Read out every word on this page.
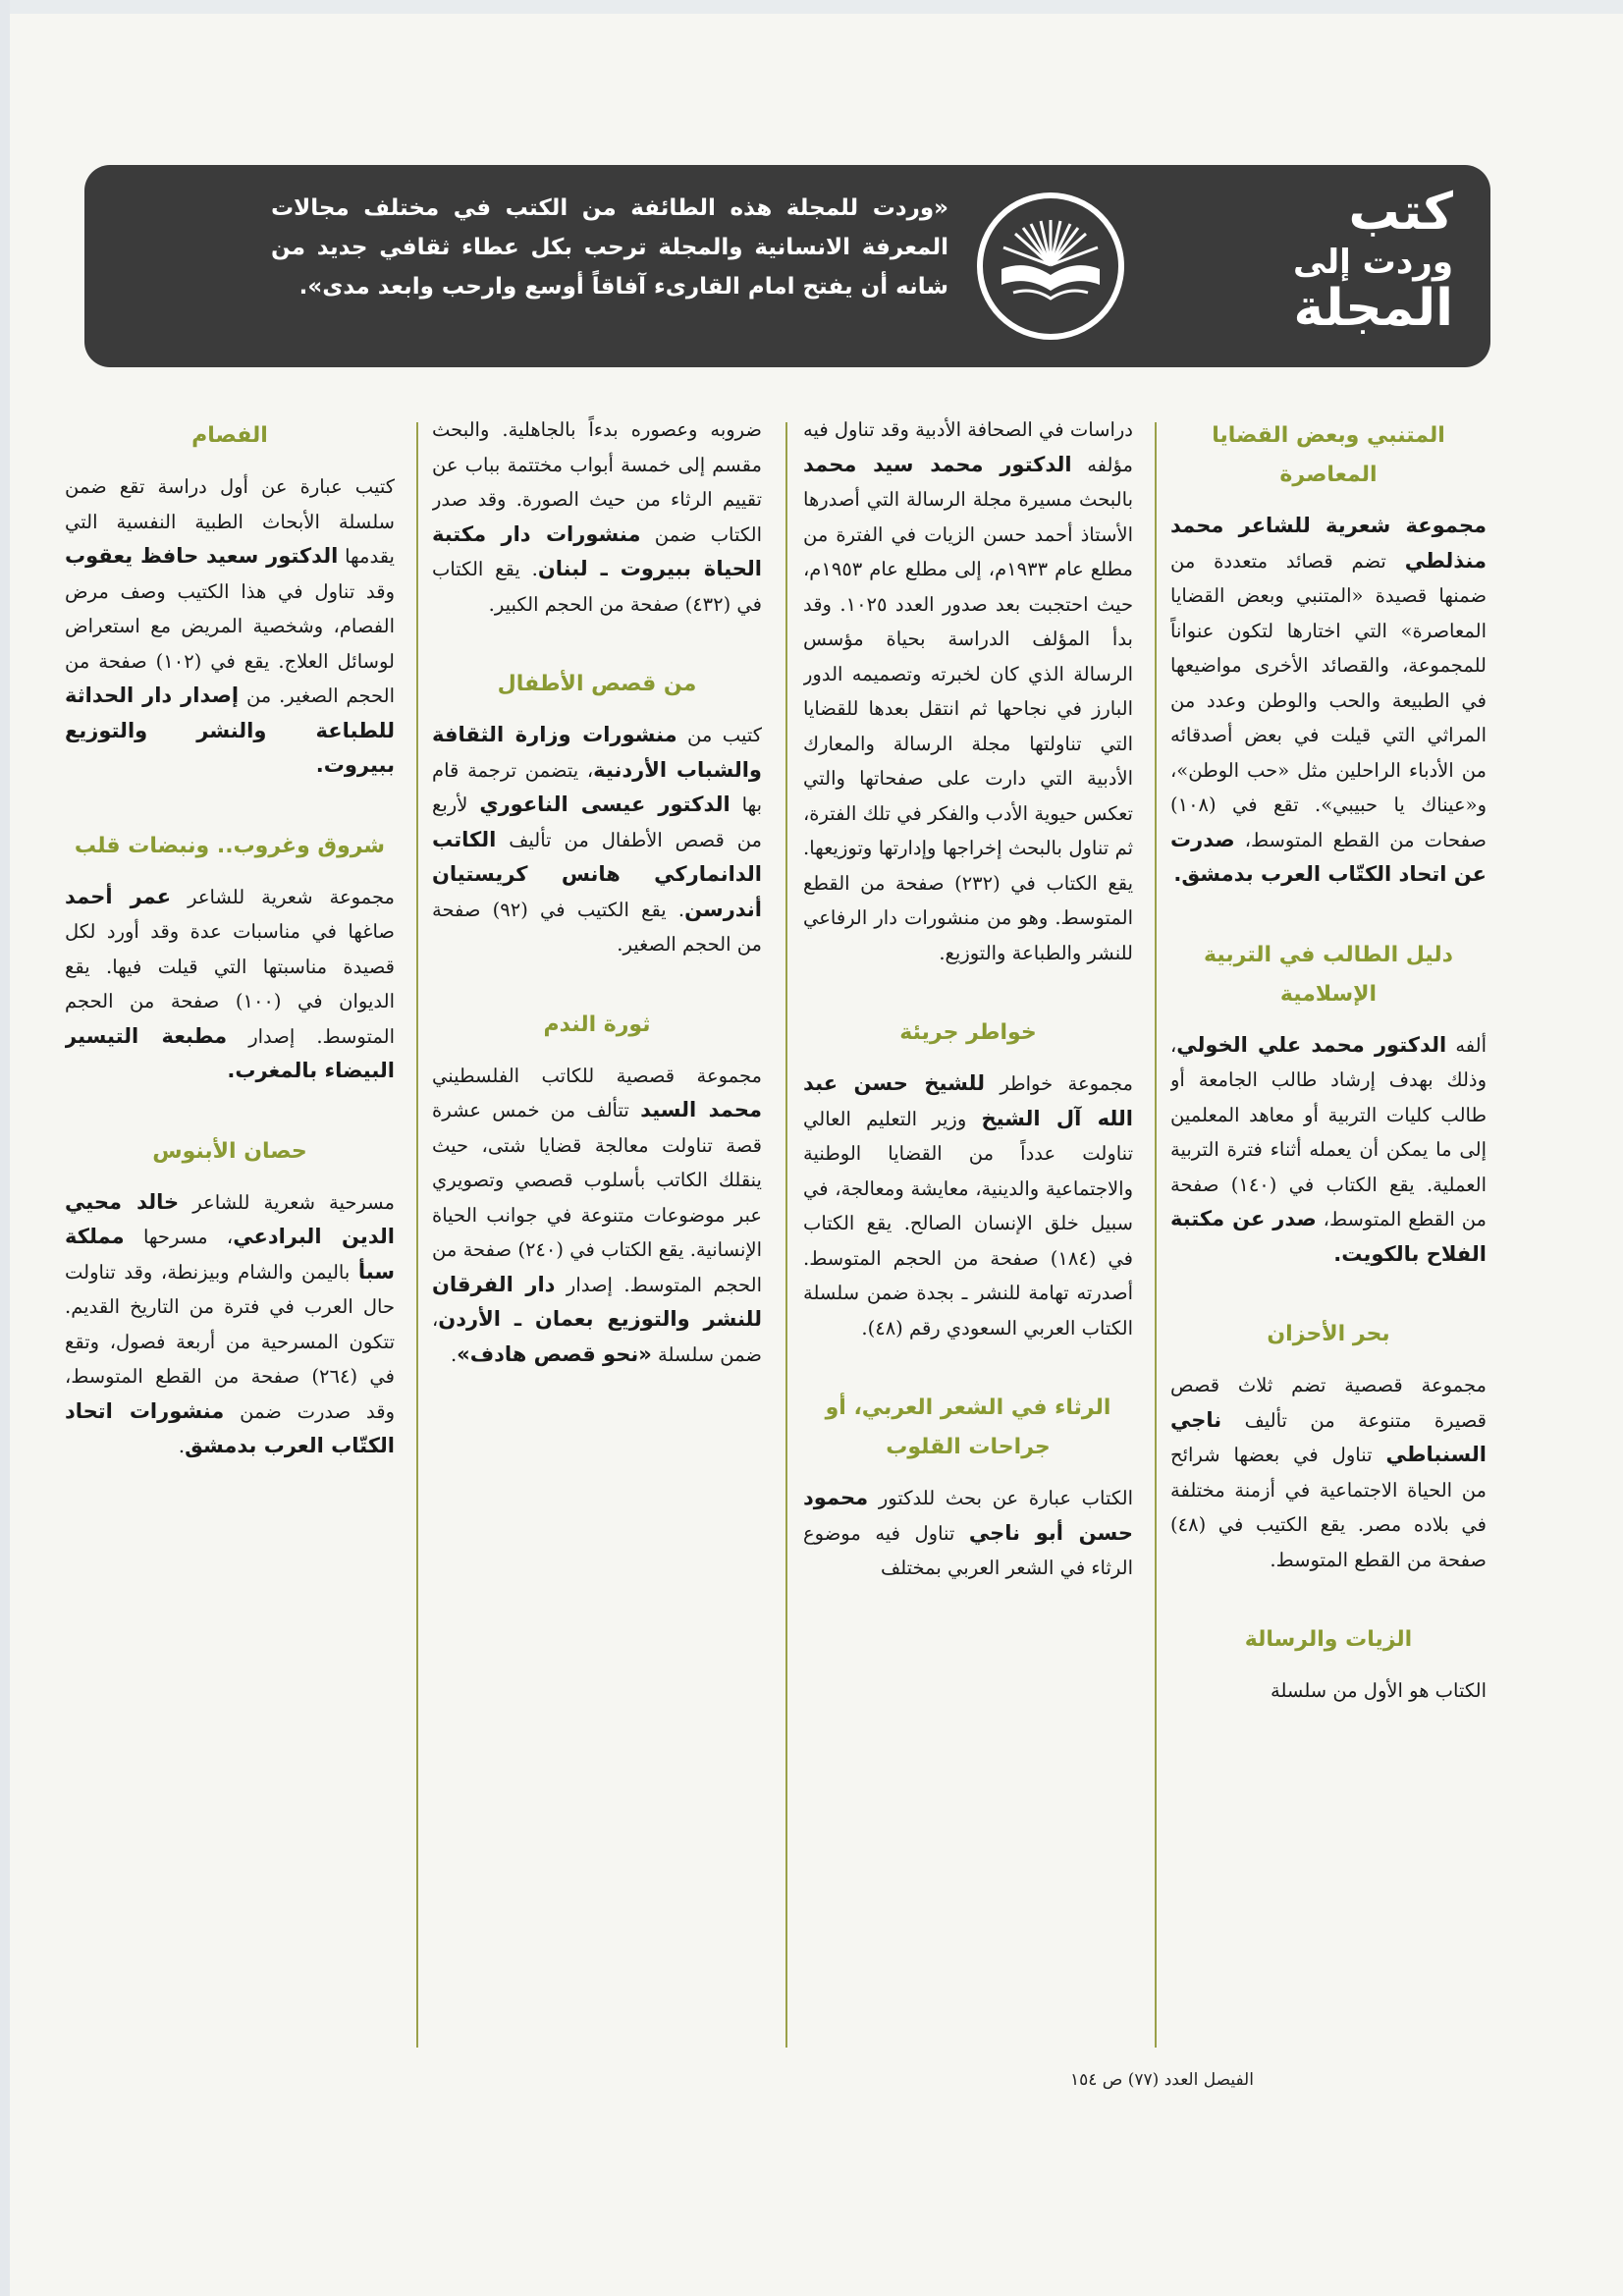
كتب
وردت إلى
المجلة
«وردت للمجلة هذه الطائفة من الكتب في مختلف مجالات المعرفة الانسانية والمجلة ترحب بكل عطاء ثقافي جديد من شانه أن يفتح امام القارىء آفاقاً أوسع وارحب وابعد مدى».
المتنبي وبعض القضايا المعاصرة

مجموعة شعرية للشاعر محمد منذلطي تضم قصائد متعددة من ضمنها قصيدة «المتنبي وبعض القضايا المعاصرة» التي اختارها لتكون عنواناً للمجموعة، والقصائد الأخرى مواضيعها في الطبيعة والحب والوطن وعدد من المراثي التي قيلت في بعض أصدقائه من الأدباء الراحلين مثل «حب الوطن»، و«عيناك يا حبيبي». تقع في (١٠٨) صفحات من القطع المتوسط، صدرت عن اتحاد الكتّاب العرب بدمشق.

دليل الطالب في التربية الإسلامية

ألفه الدكتور محمد علي الخولي، وذلك بهدف إرشاد طالب الجامعة أو طالب كليات التربية أو معاهد المعلمين إلى ما يمكن أن يعمله أثناء فترة التربية العملية. يقع الكتاب في (١٤٠) صفحة من القطع المتوسط، صدر عن مكتبة الفلاح بالكويت.

بحر الأحزان

مجموعة قصصية تضم ثلاث قصص قصيرة متنوعة من تأليف ناجي السنباطي تناول في بعضها شرائح من الحياة الاجتماعية في أزمنة مختلفة في بلاده مصر. يقع الكتيب في (٤٨) صفحة من القطع المتوسط.

الزيات والرسالة

الكتاب هو الأول من سلسلة

دراسات في الصحافة الأدبية وقد تناول فيه مؤلفه الدكتور محمد سيد محمد بالبحث مسيرة مجلة الرسالة التي أصدرها الأستاذ أحمد حسن الزيات في الفترة من مطلع عام ١٩٣٣م، إلى مطلع عام ١٩٥٣م، حيث احتجبت بعد صدور العدد ١٠٢٥. وقد بدأ المؤلف الدراسة بحياة مؤسس الرسالة الذي كان لخبرته وتصميمه الدور البارز في نجاحها ثم انتقل بعدها للقضايا التي تناولتها مجلة الرسالة والمعارك الأدبية التي دارت على صفحاتها والتي تعكس حيوية الأدب والفكر في تلك الفترة، ثم تناول بالبحث إخراجها وإدارتها وتوزيعها. يقع الكتاب في (٢٣٢) صفحة من القطع المتوسط. وهو من منشورات دار الرفاعي للنشر والطباعة والتوزيع.

خواطر جريئة

مجموعة خواطر للشيخ حسن عبد الله آل الشيخ وزير التعليم العالي تناولت عدداً من القضايا الوطنية والاجتماعية والدينية، معايشة ومعالجة، في سبيل خلق الإنسان الصالح. يقع الكتاب في (١٨٤) صفحة من الحجم المتوسط. أصدرته تهامة للنشر ـ بجدة ضمن سلسلة الكتاب العربي السعودي رقم (٤٨).

الرثاء في الشعر العربي، أو جراحات القلوب

الكتاب عبارة عن بحث للدكتور محمود حسن أبو ناجي تناول فيه موضوع الرثاء في الشعر العربي بمختلف

ضروبه وعصوره بدءاً بالجاهلية. والبحث مقسم إلى خمسة أبواب مختتمة بباب عن تقييم الرثاء من حيث الصورة. وقد صدر الكتاب ضمن منشورات دار مكتبة الحياة ببيروت ـ لبنان. يقع الكتاب في (٤٣٢) صفحة من الحجم الكبير.

من قصص الأطفال

كتيب من منشورات وزارة الثقافة والشباب الأردنية، يتضمن ترجمة قام بها الدكتور عيسى الناعوري لأربع من قصص الأطفال من تأليف الكاتب الدانماركي هانس كريستيان أندرسن. يقع الكتيب في (٩٢) صفحة من الحجم الصغير.

ثورة الندم

مجموعة قصصية للكاتب الفلسطيني محمد السيد تتألف من خمس عشرة قصة تناولت معالجة قضايا شتى، حيث ينقلك الكاتب بأسلوب قصصي وتصويري عبر موضوعات متنوعة في جوانب الحياة الإنسانية. يقع الكتاب في (٢٤٠) صفحة من الحجم المتوسط. إصدار دار الفرقان للنشر والتوزيع بعمان ـ الأردن، ضمن سلسلة «نحو قصص هادف».

الفصام

كتيب عبارة عن أول دراسة تقع ضمن سلسلة الأبحاث الطبية النفسية التي يقدمها الدكتور سعيد حافظ يعقوب وقد تناول في هذا الكتيب وصف مرض الفصام، وشخصية المريض مع استعراض لوسائل العلاج. يقع في (١٠٢) صفحة من الحجم الصغير. من إصدار دار الحداثة للطباعة والنشر والتوزيع ببيروت.

شروق وغروب.. ونبضات قلب

مجموعة شعرية للشاعر عمر أحمد صاغها في مناسبات عدة وقد أورد لكل قصيدة مناسبتها التي قيلت فيها. يقع الديوان في (١٠٠) صفحة من الحجم المتوسط. إصدار مطبعة التيسير البيضاء بالمغرب.

حصان الأبنوس

مسرحية شعرية للشاعر خالد محيي الدين البرادعي، مسرحها مملكة سبأ باليمن والشام وبيزنطة، وقد تناولت حال العرب في فترة من التاريخ القديم. تتكون المسرحية من أربعة فصول، وتقع في (٢٦٤) صفحة من القطع المتوسط، وقد صدرت ضمن منشورات اتحاد الكتّاب العرب بدمشق.

الفيصل العدد (٧٧) ص ١٥٤
